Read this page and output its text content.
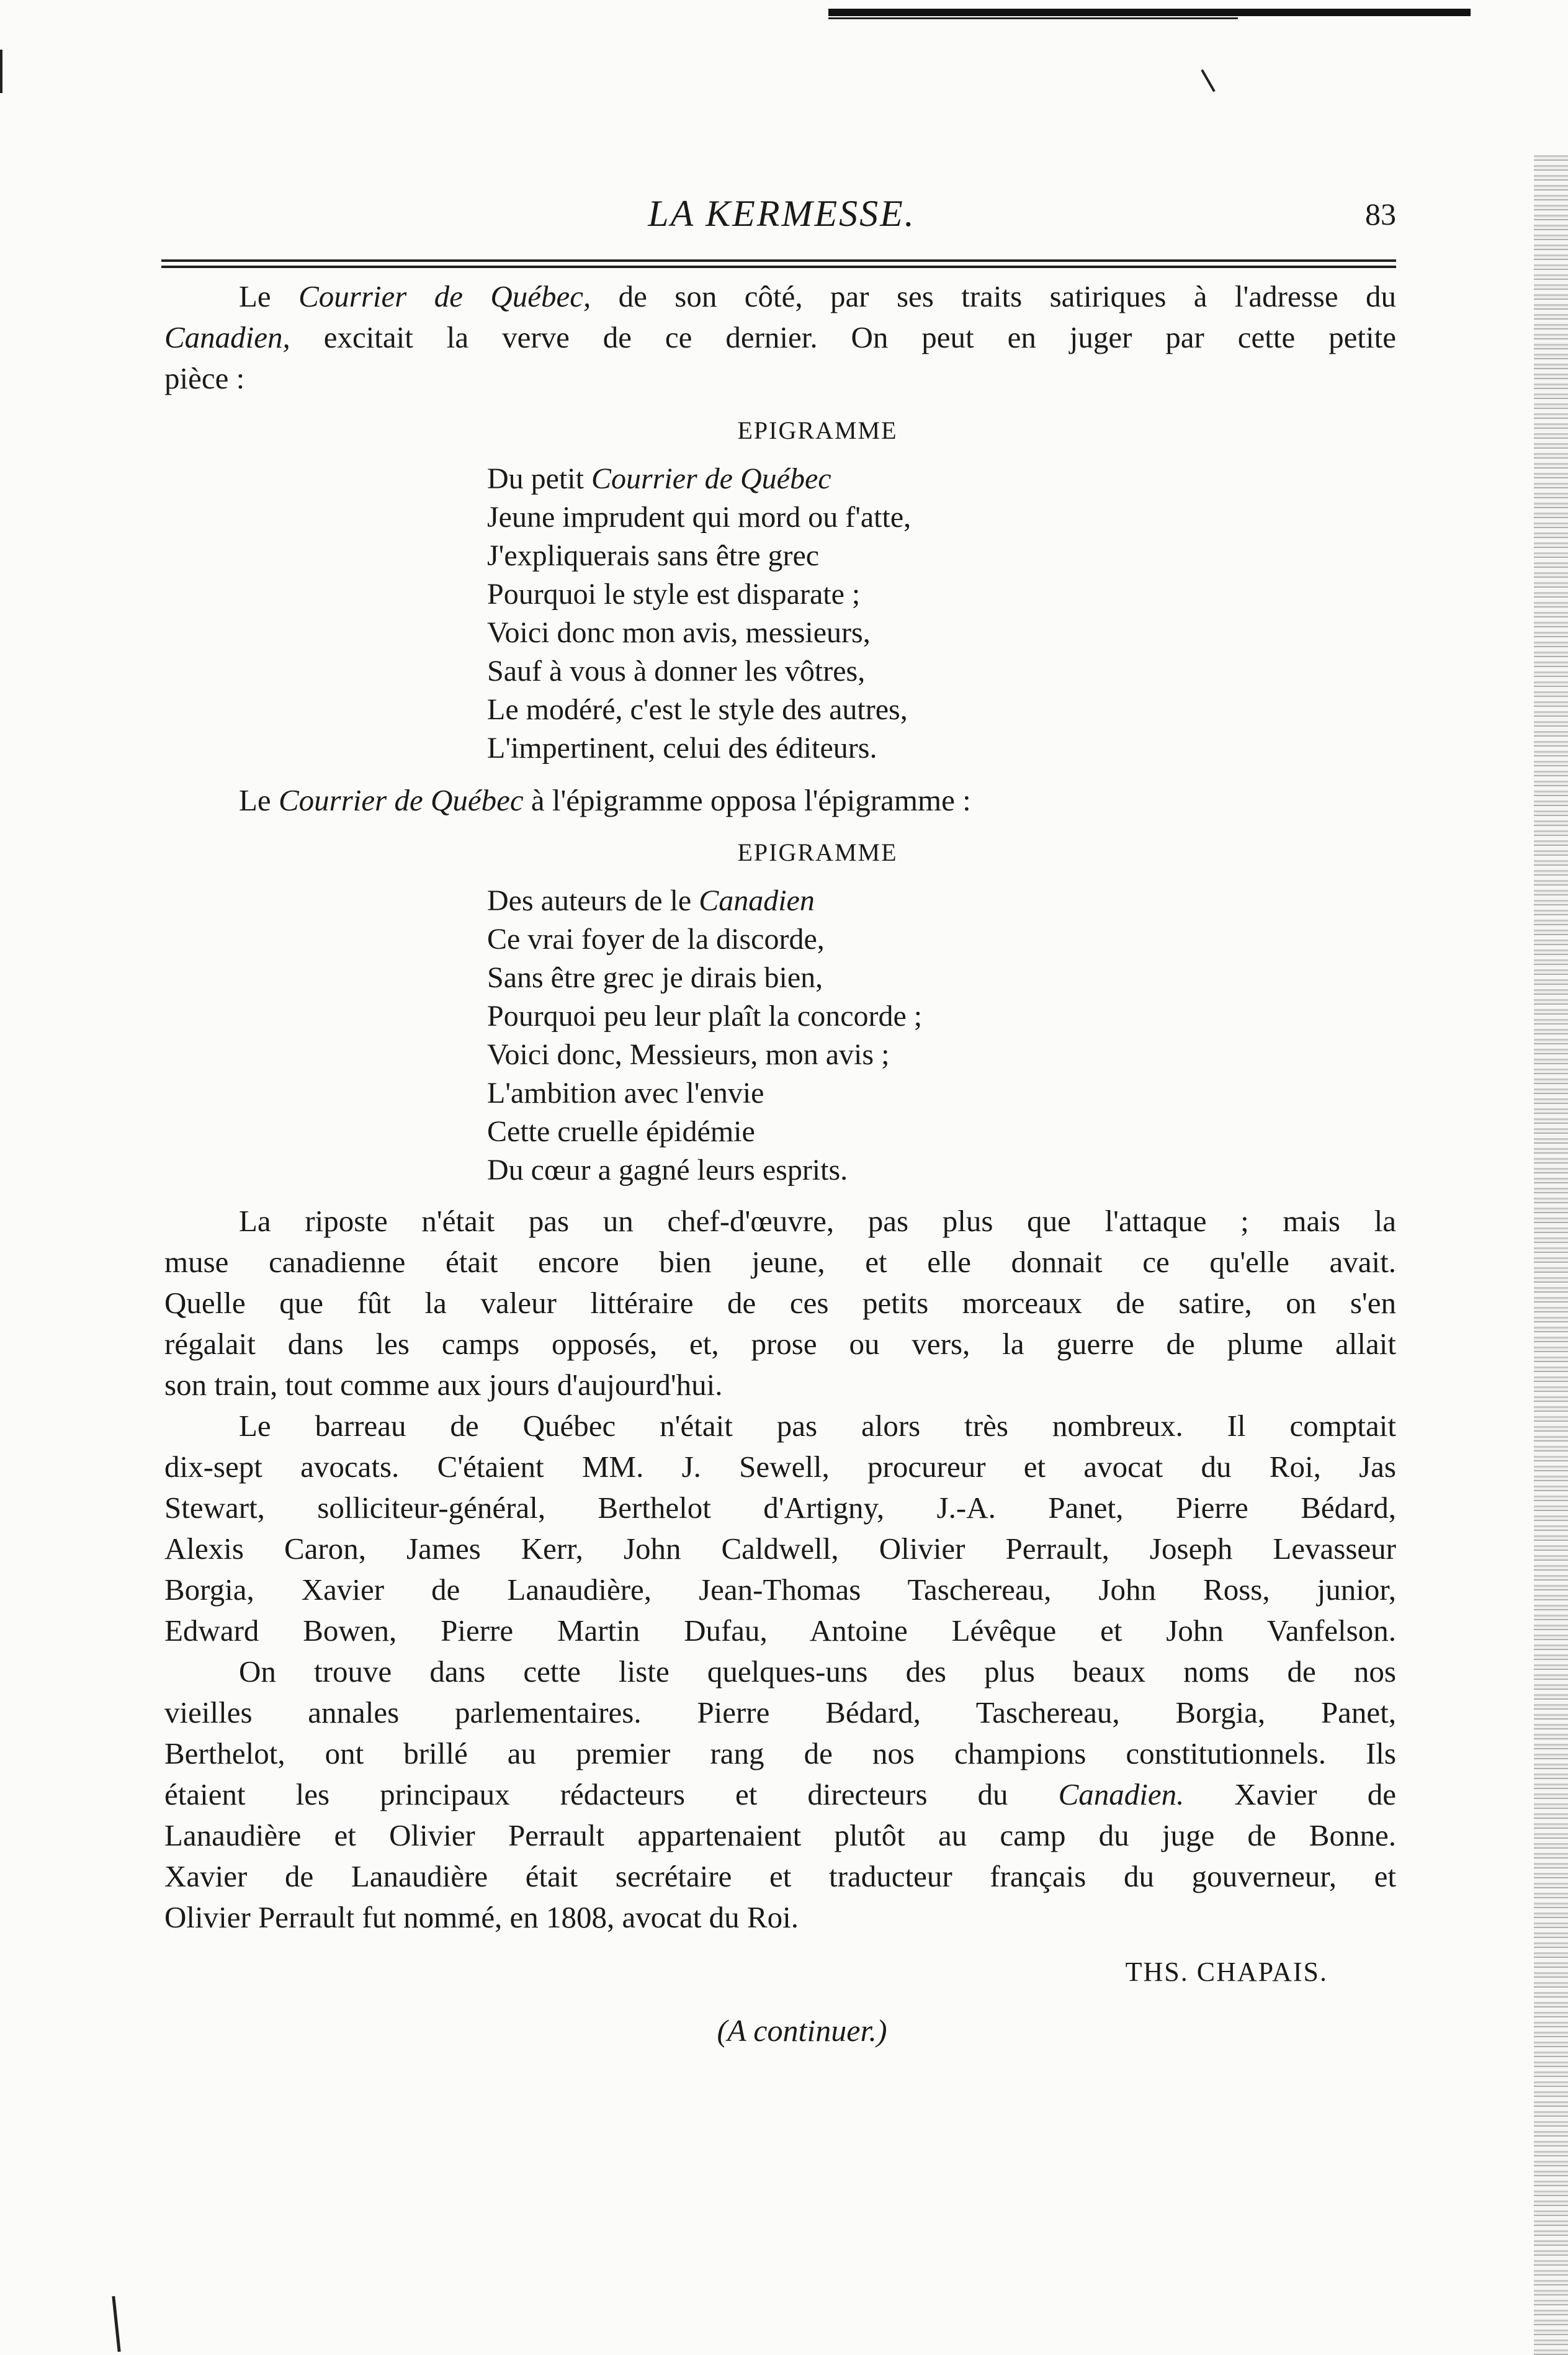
LA KERMESSE.	83
Le Courrier de Québec, de son côté, par ses traits satiriques à l'adresse du
Canadien, excitait la verve de ce dernier. On peut en juger par cette petite
pièce :
EPIGRAMME
Du petit Courrier de Québec
Jeune imprudent qui mord ou f'atte,
J'expliquerais sans être grec
Pourquoi le style est disparate ;
Voici donc mon avis, messieurs,
Sauf à vous à donner les vôtres,
Le modéré, c'est le style des autres,
L'impertinent, celui des éditeurs.
Le Courrier de Québec à l'épigramme opposa l'épigramme :
EPIGRAMME
Des auteurs de le Canadien
Ce vrai foyer de la discorde,
Sans être grec je dirais bien,
Pourquoi peu leur plaît la concorde ;
Voici donc, Messieurs, mon avis ;
L'ambition avec l'envie
Cette cruelle épidémie
Du cœur a gagné leurs esprits.
La riposte n'était pas un chef-d'œuvre, pas plus que l'attaque ; mais la
muse canadienne était encore bien jeune, et elle donnait ce qu'elle avait.
Quelle que fût la valeur littéraire de ces petits morceaux de satire, on s'en
régalait dans les camps opposés, et, prose ou vers, la guerre de plume allait
son train, tout comme aux jours d'aujourd'hui.
Le barreau de Québec n'était pas alors très nombreux. Il comptait
dix-sept avocats. C'étaient MM. J. Sewell, procureur et avocat du Roi, Jas
Stewart, solliciteur-général, Berthelot d'Artigny, J.-A. Panet, Pierre Bédard,
Alexis Caron, James Kerr, John Caldwell, Olivier Perrault, Joseph Levasseur
Borgia, Xavier de Lanaudière, Jean-Thomas Taschereau, John Ross, junior,
Edward Bowen, Pierre Martin Dufau, Antoine Lévêque et John Vanfelson.
On trouve dans cette liste quelques-uns des plus beaux noms de nos
vieilles annales parlementaires. Pierre Bédard, Taschereau, Borgia, Panet,
Berthelot, ont brillé au premier rang de nos champions constitutionnels. Ils
étaient les principaux rédacteurs et directeurs du Canadien. Xavier de
Lanaudière et Olivier Perrault appartenaient plutôt au camp du juge de Bonne.
Xavier de Lanaudière était secrétaire et traducteur français du gouverneur, et
Olivier Perrault fut nommé, en 1808, avocat du Roi.
THS. CHAPAIS.
(A continuer.)
